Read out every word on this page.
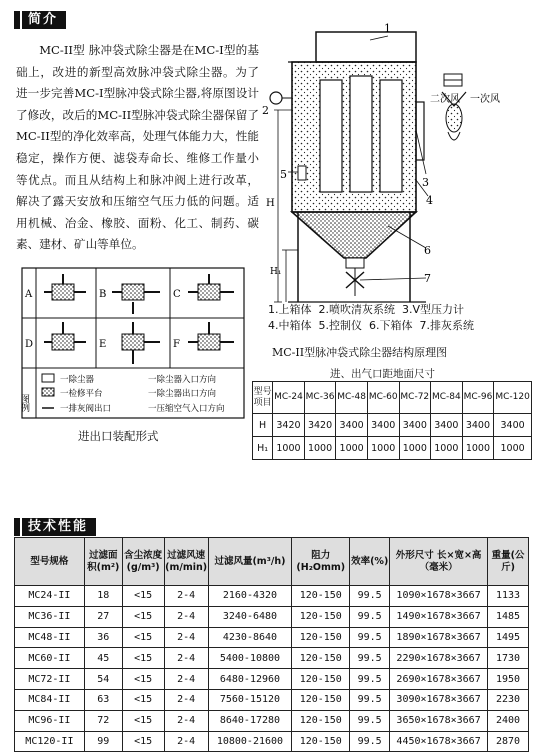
简介

MC-II型 脉冲袋式除尘器是在MC-I型的基础上，改进的新型高效脉冲袋式除尘器。为了进一步完善MC-I型脉冲袋式除尘器,将原图设计了修改，改后的MC-II型脉冲袋式除尘器保留了MC-II型的净化效率高，处理气体能力大，性能稳定，操作方便、滤袋寿命长、维修工作量小等优点。而且从结构上和脉冲阀上进行改革，解决了露天安放和压缩空气压力低的问题。适用机械、冶金、橡胶、面粉、化工、制药、碳素、建材、矿山等单位。

1
2
3
4
5
6
7
H
H₁
二次风 一次风
1.上箱体 2.喷吹清灰系统 3.V型压力计
4.中箱体 5.控制仪 6.下箱体 7.排灰系统
MC-II型脉冲袋式除尘器结构原理图
A	B	C
D	E	F
图例
一除尘器	一除尘器入口方向
一检修平台	一除尘器出口方向
一排灰阀出口	一压缩空气入口方向
进出口装配形式
进、出气口距地面尺寸
型号
项目	MC-24	MC-36	MC-48	MC-60	MC-72	MC-84	MC-96	MC-120
H	3420	3420	3400	3400	3400	3400	3400	3400
H₁	1000	1000	1000	1000	1000	1000	1000	1000
技术性能
型号规格	过滤面积(m²)	含尘浓度(g/m³)	过滤风速(m/min)	过滤风量(m³/h)	阻力(H₂Omm)	效率(%)	外形尺寸 长×宽×高（毫米）	重量(公斤)
MC24-II	18	<15	2-4	2160-4320	120-150	99.5	1090×1678×3667	1133
MC36-II	27	<15	2-4	3240-6480	120-150	99.5	1490×1678×3667	1485
MC48-II	36	<15	2-4	4230-8640	120-150	99.5	1890×1678×3667	1495
MC60-II	45	<15	2-4	5400-10800	120-150	99.5	2290×1678×3667	1730
MC72-II	54	<15	2-4	6480-12960	120-150	99.5	2690×1678×3667	1950
MC84-II	63	<15	2-4	7560-15120	120-150	99.5	3090×1678×3667	2230
MC96-II	72	<15	2-4	8640-17280	120-150	99.5	3650×1678×3667	2400
MC120-II	99	<15	2-4	10800-21600	120-150	99.5	4450×1678×3667	2870
